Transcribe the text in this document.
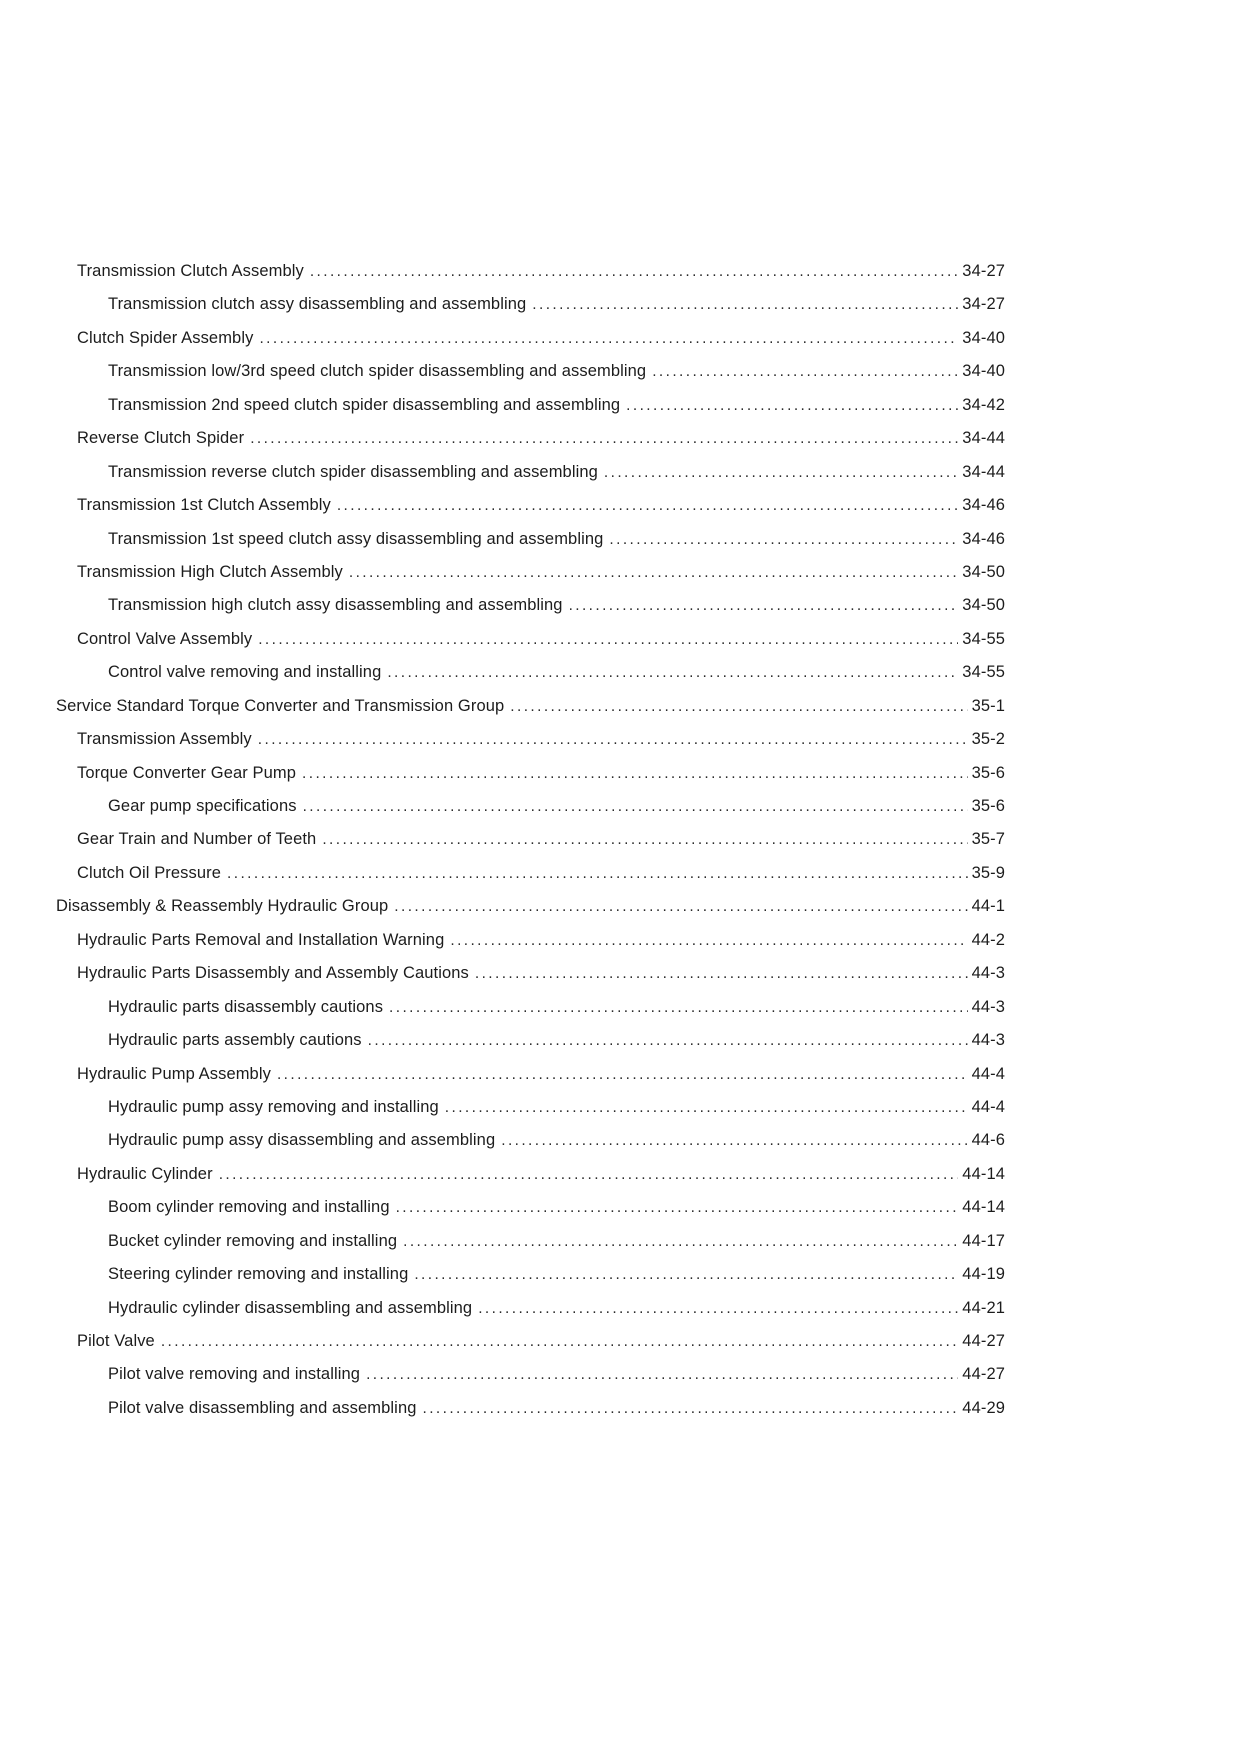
Transmission Clutch Assembly .....	34-27
Transmission clutch assy disassembling and assembling .....	34-27
Clutch Spider Assembly .....	34-40
Transmission low/3rd speed clutch spider disassembling and assembling .....	34-40
Transmission 2nd speed clutch spider disassembling and assembling .....	34-42
Reverse Clutch Spider .....	34-44
Transmission reverse clutch spider disassembling and assembling .....	34-44
Transmission 1st Clutch Assembly .....	34-46
Transmission 1st speed clutch assy disassembling and assembling .....	34-46
Transmission High Clutch Assembly .....	34-50
Transmission high clutch assy disassembling and assembling .....	34-50
Control Valve Assembly .....	34-55
Control valve removing and installing .....	34-55
Service Standard Torque Converter and Transmission Group .....	35-1
Transmission Assembly .....	35-2
Torque Converter Gear Pump .....	35-6
Gear pump specifications .....	35-6
Gear Train and Number of Teeth .....	35-7
Clutch Oil Pressure .....	35-9
Disassembly & Reassembly Hydraulic Group .....	44-1
Hydraulic Parts Removal and Installation Warning .....	44-2
Hydraulic Parts Disassembly and Assembly Cautions .....	44-3
Hydraulic parts disassembly cautions .....	44-3
Hydraulic parts assembly cautions .....	44-3
Hydraulic Pump Assembly .....	44-4
Hydraulic pump assy removing and installing .....	44-4
Hydraulic pump assy disassembling and assembling .....	44-6
Hydraulic Cylinder .....	44-14
Boom cylinder removing and installing .....	44-14
Bucket cylinder removing and installing .....	44-17
Steering cylinder removing and installing .....	44-19
Hydraulic cylinder disassembling and assembling .....	44-21
Pilot Valve .....	44-27
Pilot valve removing and installing .....	44-27
Pilot valve disassembling and assembling .....	44-29
